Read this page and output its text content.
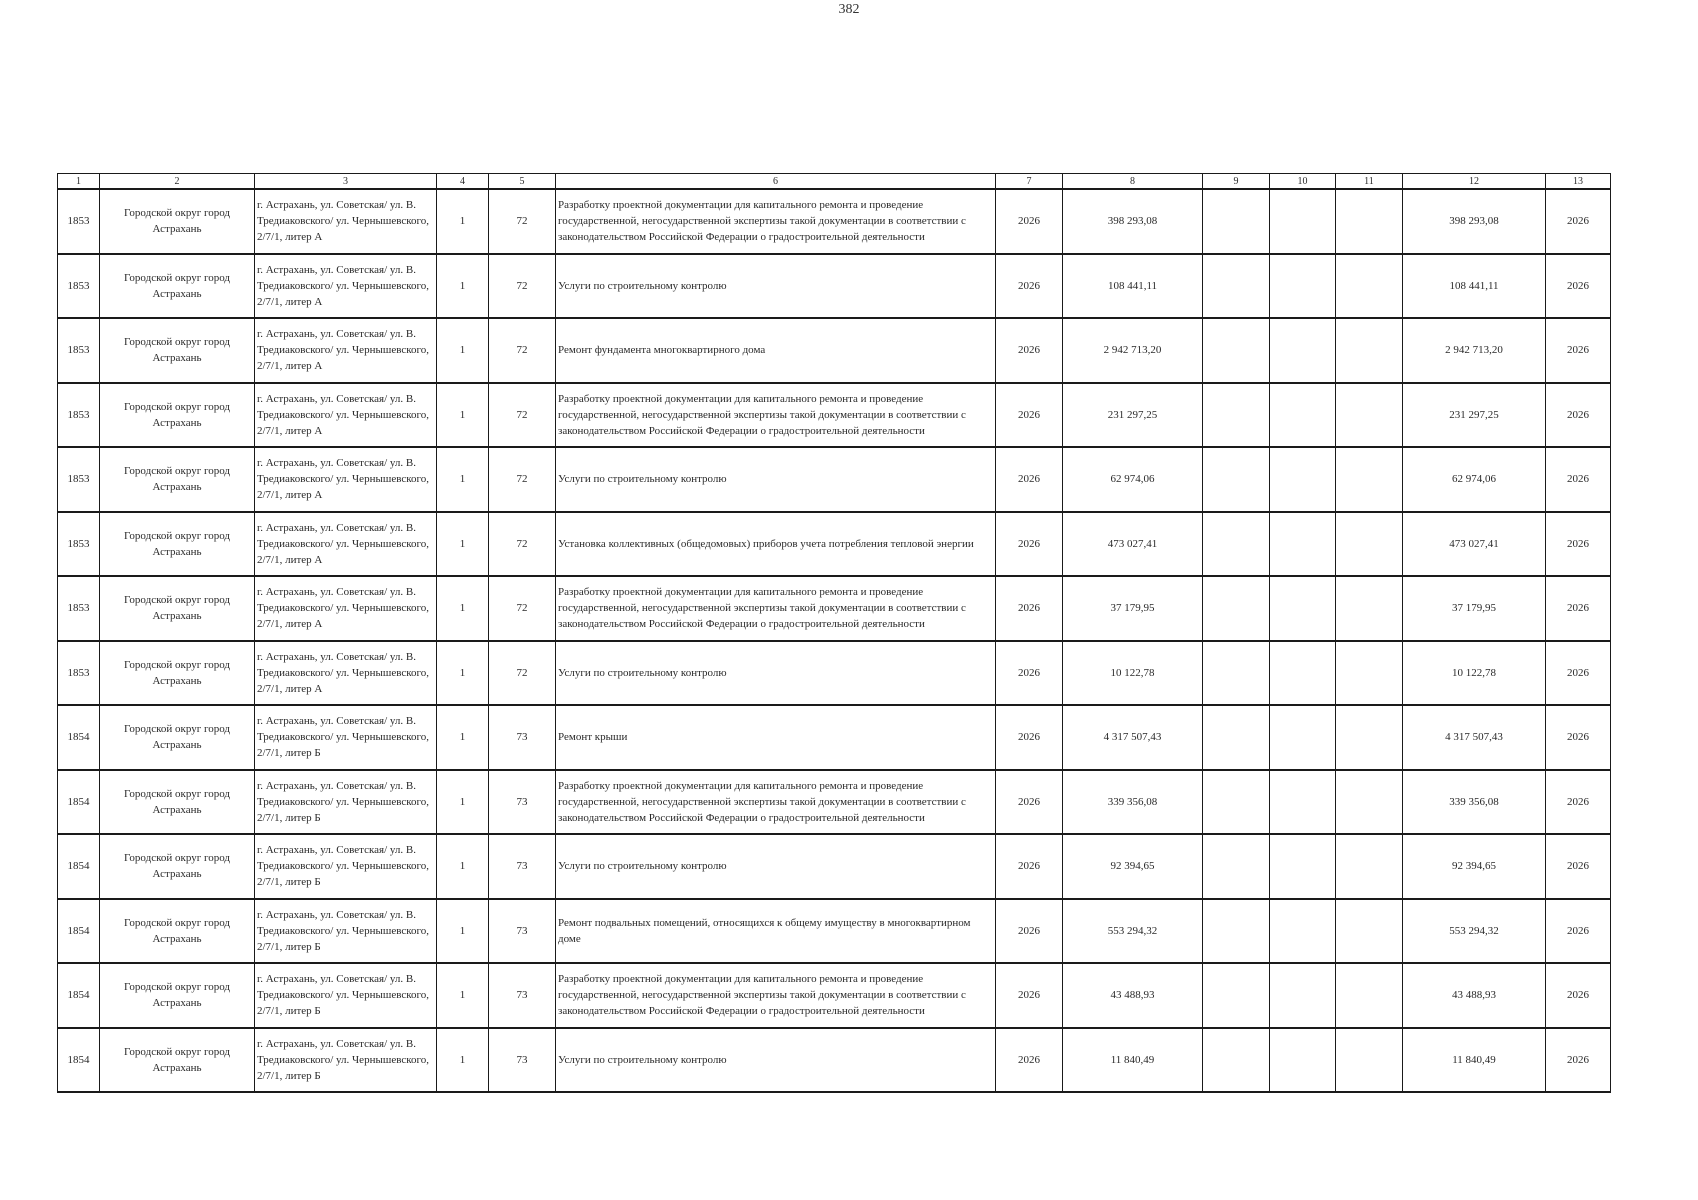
382
1	2	3	4	5	6	7	8	9	10	11	12	13
1853	Городской округ город Астрахань	г. Астрахань, ул. Советская/ ул. В. Тредиаковского/ ул. Чернышевского, 2/7/1, литер А	1	72	Разработку проектной документации для капитального ремонта и проведение государственной, негосударственной экспертизы такой документации в соответствии с законодательством Российской Федерации о градостроительной деятельности	2026	398 293,08				398 293,08	2026
1853	Городской округ город Астрахань	г. Астрахань, ул. Советская/ ул. В. Тредиаковского/ ул. Чернышевского, 2/7/1, литер А	1	72	Услуги по строительному контролю	2026	108 441,11				108 441,11	2026
1853	Городской округ город Астрахань	г. Астрахань, ул. Советская/ ул. В. Тредиаковского/ ул. Чернышевского, 2/7/1, литер А	1	72	Ремонт фундамента многоквартирного дома	2026	2 942 713,20				2 942 713,20	2026
1853	Городской округ город Астрахань	г. Астрахань, ул. Советская/ ул. В. Тредиаковского/ ул. Чернышевского, 2/7/1, литер А	1	72	Разработку проектной документации для капитального ремонта и проведение государственной, негосударственной экспертизы такой документации в соответствии с законодательством Российской Федерации о градостроительной деятельности	2026	231 297,25				231 297,25	2026
1853	Городской округ город Астрахань	г. Астрахань, ул. Советская/ ул. В. Тредиаковского/ ул. Чернышевского, 2/7/1, литер А	1	72	Услуги по строительному контролю	2026	62 974,06				62 974,06	2026
1853	Городской округ город Астрахань	г. Астрахань, ул. Советская/ ул. В. Тредиаковского/ ул. Чернышевского, 2/7/1, литер А	1	72	Установка коллективных (общедомовых) приборов учета потребления тепловой энергии	2026	473 027,41				473 027,41	2026
1853	Городской округ город Астрахань	г. Астрахань, ул. Советская/ ул. В. Тредиаковского/ ул. Чернышевского, 2/7/1, литер А	1	72	Разработку проектной документации для капитального ремонта и проведение государственной, негосударственной экспертизы такой документации в соответствии с законодательством Российской Федерации о градостроительной деятельности	2026	37 179,95				37 179,95	2026
1853	Городской округ город Астрахань	г. Астрахань, ул. Советская/ ул. В. Тредиаковского/ ул. Чернышевского, 2/7/1, литер А	1	72	Услуги по строительному контролю	2026	10 122,78				10 122,78	2026
1854	Городской округ город Астрахань	г. Астрахань, ул. Советская/ ул. В. Тредиаковского/ ул. Чернышевского, 2/7/1, литер Б	1	73	Ремонт крыши	2026	4 317 507,43				4 317 507,43	2026
1854	Городской округ город Астрахань	г. Астрахань, ул. Советская/ ул. В. Тредиаковского/ ул. Чернышевского, 2/7/1, литер Б	1	73	Разработку проектной документации для капитального ремонта и проведение государственной, негосударственной экспертизы такой документации в соответствии с законодательством Российской Федерации о градостроительной деятельности	2026	339 356,08				339 356,08	2026
1854	Городской округ город Астрахань	г. Астрахань, ул. Советская/ ул. В. Тредиаковского/ ул. Чернышевского, 2/7/1, литер Б	1	73	Услуги по строительному контролю	2026	92 394,65				92 394,65	2026
1854	Городской округ город Астрахань	г. Астрахань, ул. Советская/ ул. В. Тредиаковского/ ул. Чернышевского, 2/7/1, литер Б	1	73	Ремонт подвальных помещений, относящихся к общему имуществу в многоквартирном доме	2026	553 294,32				553 294,32	2026
1854	Городской округ город Астрахань	г. Астрахань, ул. Советская/ ул. В. Тредиаковского/ ул. Чернышевского, 2/7/1, литер Б	1	73	Разработку проектной документации для капитального ремонта и проведение государственной, негосударственной экспертизы такой документации в соответствии с законодательством Российской Федерации о градостроительной деятельности	2026	43 488,93				43 488,93	2026
1854	Городской округ город Астрахань	г. Астрахань, ул. Советская/ ул. В. Тредиаковского/ ул. Чернышевского, 2/7/1, литер Б	1	73	Услуги по строительному контролю	2026	11 840,49				11 840,49	2026
